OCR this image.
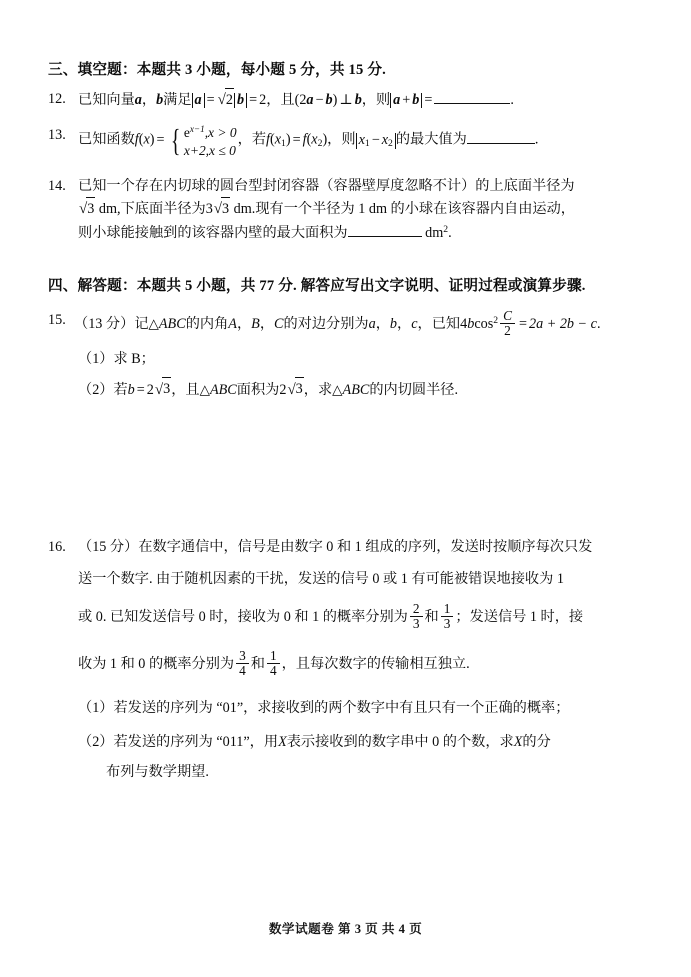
三、填空题：本题共 3 小题，每小题 5 分，共 15 分.
12. 已知向量a，b满足 a = √2 b = 2，且(2a − b) ⊥ b，则 a + b =	.
13. 已知函数f(x) = { $e^{x-1},x > 0$
x+2,x ≤ 0
，若$f(x_1) = f(x_2)$，则 $x_1 - x_2$ 的最大值为	.
14. 已知一个存在内切球的圆台型封闭容器（容器壁厚度忽略不计）的上底面半径为
√3 dm,下底面半径为3√3 dm.现有一个半径为 1 dm 的小球在该容器内自由运动，
则小球能接触到的该容器内壁的最大面积为	$dm^2$.
四、解答题：本题共 5 小题，共 77 分. 解答应写出文字说明、证明过程或演算步骤.
15. （13 分）记△ABC的内角A，B，C的对边分别为a，b，c，已知$4bcos^2 \frac{C}{2} = 2a + 2b - c$.
（1）求 B；
（2）若b = 2√3，且△ABC面积为2√3，求△ABC的内切圆半径.
16. （15 分）在数字通信中，信号是由数字 0 和 1 组成的序列，发送时按顺序每次只发
送一个数字. 由于随机因素的干扰，发送的信号 0 或 1 有可能被错误地接收为 1
或 0. 已知发送信号 0 时，接收为 0 和 1 的概率分别为 $\frac{2}{3}$ 和 $\frac{1}{3}$ ；发送信号 1 时，接
收为 1 和 0 的概率分别为 $\frac{3}{4}$ 和 $\frac{1}{4}$ ，且每次数字的传输相互独立.
（1）若发送的序列为 “01”，求接收到的两个数字中有且只有一个正确的概率；
（2）若发送的序列为 “011”，用X表示接收到的数字串中 0 的个数，求X的分
布列与数学期望.
数学试题卷 第 3 页 共 4 页
